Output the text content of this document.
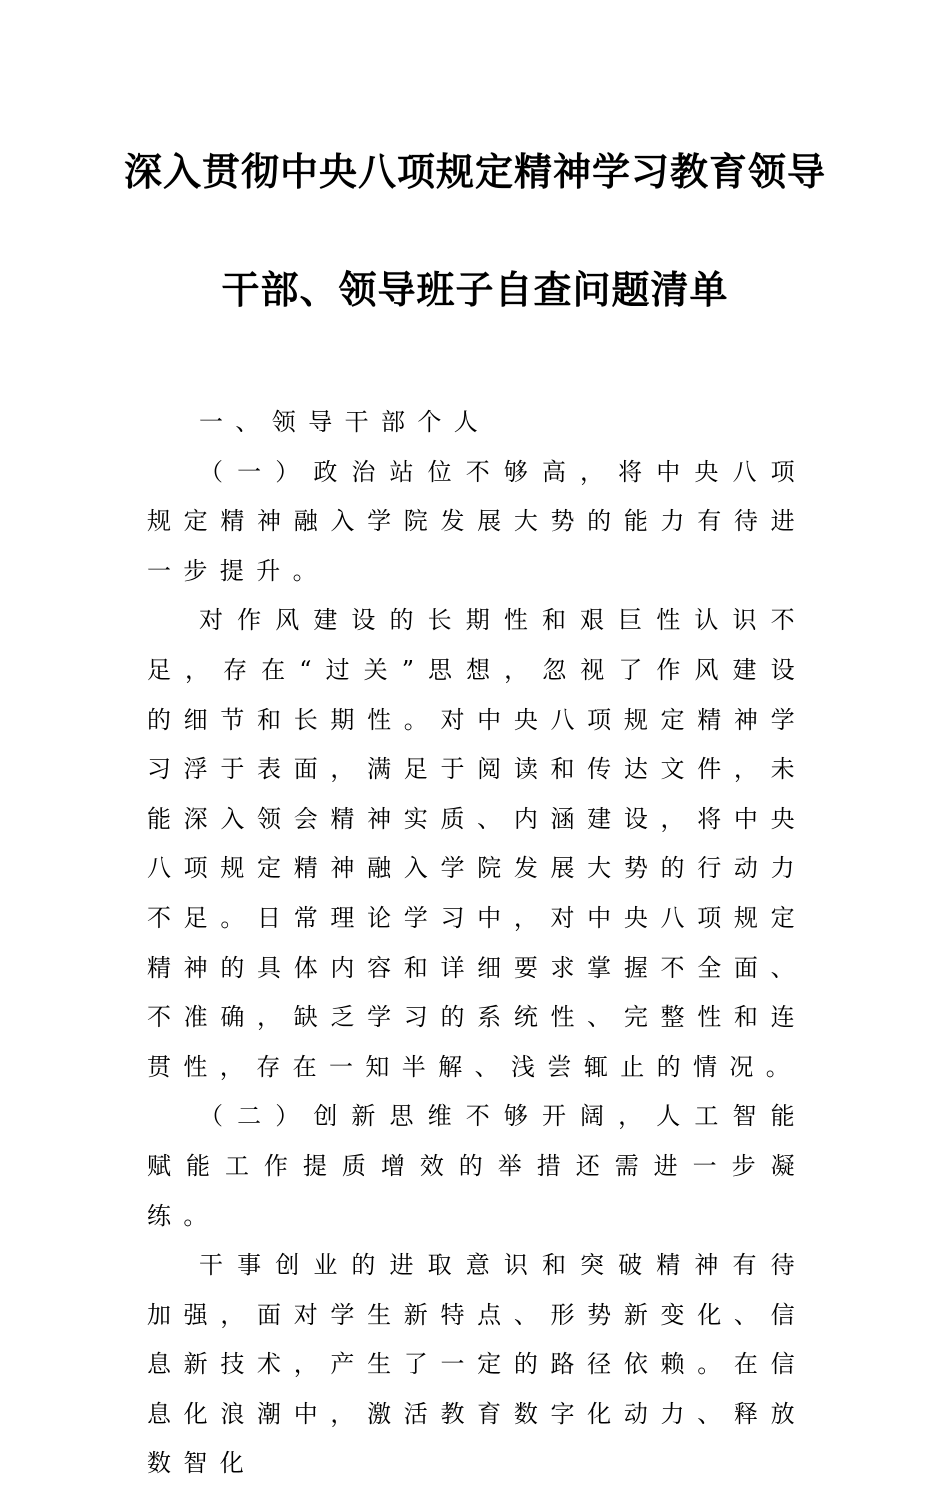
深入贯彻中央八项规定精神学习教育领导
干部、领导班子自查问题清单

一、领导干部个人

（一）政治站位不够高，将中央八项规定精神融入学院发展大势的能力有待进一步提升。

对作风建设的长期性和艰巨性认识不足，存在“过关”思想，忽视了作风建设的细节和长期性。对中央八项规定精神学习浮于表面，满足于阅读和传达文件，未能深入领会精神实质、内涵建设，将中央八项规定精神融入学院发展大势的行动力不足。日常理论学习中，对中央八项规定精神的具体内容和详细要求掌握不全面、不准确，缺乏学习的系统性、完整性和连贯性，存在一知半解、浅尝辄止的情况。

（二）创新思维不够开阔，人工智能赋能工作提质增效的举措还需进一步凝练。

干事创业的进取意识和突破精神有待加强，面对学生新特点、形势新变化、信息新技术，产生了一定的路径依赖。在信息化浪潮中，激活教育数字化动力、释放数智化
